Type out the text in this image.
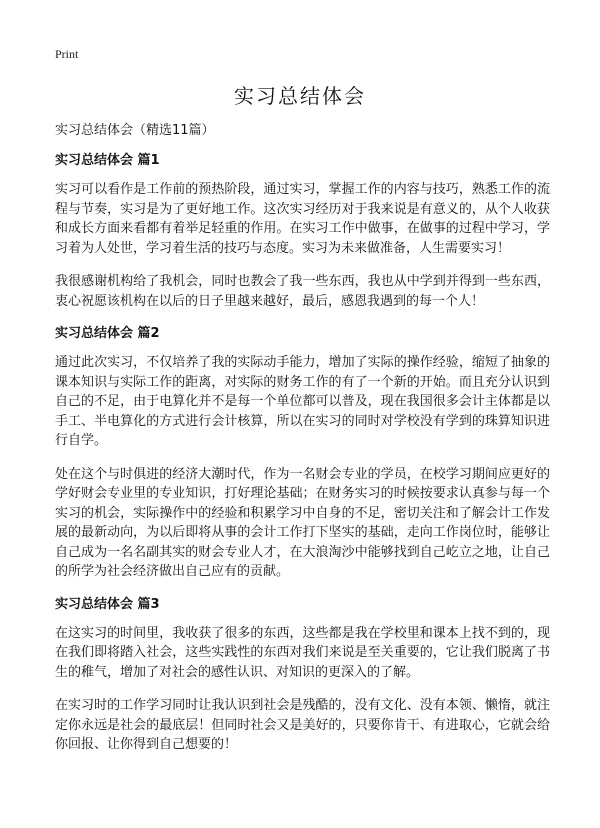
Print
实习总结体会

实习总结体会（精选11篇）

实习总结体会 篇1

实习可以看作是工作前的预热阶段，通过实习，掌握工作的内容与技巧，熟悉工作的流程与节奏，实习是为了更好地工作。这次实习经历对于我来说是有意义的，从个人收获和成长方面来看都有着举足轻重的作用。在实习工作中做事，在做事的过程中学习，学习着为人处世，学习着生活的技巧与态度。实习为未来做准备，人生需要实习！

我很感谢机构给了我机会，同时也教会了我一些东西，我也从中学到并得到一些东西，衷心祝愿该机构在以后的日子里越来越好，最后，感恩我遇到的每一个人！

实习总结体会 篇2

通过此次实习，不仅培养了我的实际动手能力，增加了实际的操作经验，缩短了抽象的课本知识与实际工作的距离，对实际的财务工作的有了一个新的开始。而且充分认识到自己的不足，由于电算化并不是每一个单位都可以普及，现在我国很多会计主体都是以手工、半电算化的方式进行会计核算，所以在实习的同时对学校没有学到的珠算知识进行自学。

处在这个与时俱进的经济大潮时代，作为一名财会专业的学员，在校学习期间应更好的学好财会专业里的专业知识，打好理论基础；在财务实习的时候按要求认真参与每一个实习的机会，实际操作中的经验和积累学习中自身的不足，密切关注和了解会计工作发展的最新动向，为以后即将从事的会计工作打下坚实的基础，走向工作岗位时，能够让自己成为一名名副其实的财会专业人才，在大浪淘沙中能够找到自己屹立之地，让自己的所学为社会经济做出自己应有的贡献。

实习总结体会 篇3

在这实习的时间里，我收获了很多的东西，这些都是我在学校里和课本上找不到的，现在我们即将踏入社会，这些实践性的东西对我们来说是至关重要的，它让我们脱离了书生的稚气，增加了对社会的感性认识、对知识的更深入的了解。

在实习时的工作学习同时让我认识到社会是残酷的，没有文化、没有本领、懒惰，就注定你永远是社会的最底层！但同时社会又是美好的，只要你肯干、有进取心，它就会给你回报、让你得到自己想要的！
